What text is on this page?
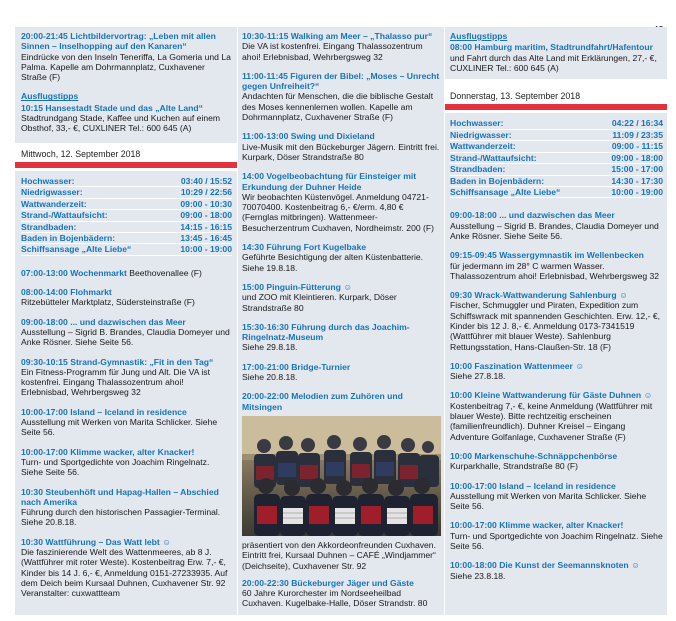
20:00-21:45 Lichtbildervortrag: „Leben mit allen Sinnen – Inselhopping auf den Kanaren“
Eindrücke von den Inseln Teneriffa, La Gomeria und La Palma. Kapelle am Dohrmannplatz, Cuxhavener Straße (F)
Ausflugstipps
10:15 Hansestadt Stade und das „Alte Land“
Stadtrundgang Stade, Kaffee und Kuchen auf einem Obsthof, 33,- €, CUXLINER Tel.: 600 645 (A)
Mittwoch, 12. September 2018
Hochwasser:	03:40 / 15:52
Niedrigwasser:	10:29 / 22:56
Wattwanderzeit:	09:00 - 10:30
Strand-/Wattaufsicht:	09:00 - 18:00
Strandbaden:	14:15 - 16:15
Baden in Bojenbädern:	13:45 - 16:45
Schiffsansage „Alte Liebe“	10:00 - 19:00
07:00-13:00 Wochenmarkt Beethovenallee (F)
08:00-14:00 Flohmarkt
Ritzebütteler Marktplatz, Südersteinstraße (F)
09:00-18:00 ... und dazwischen das Meer
Ausstellung – Sigrid B. Brandes, Claudia Domeyer und Anke Rösner. Siehe Seite 56.
09:30-10:15 Strand-Gymnastik: „Fit in den Tag“
Ein Fitness-Programm für Jung und Alt. Die VA ist kostenfrei. Eingang Thalassozentrum ahoi! Erlebnisbad, Wehrbergsweg 32
10:00-17:00 Island – Iceland in residence
Ausstellung mit Werken von Marita Schlicker. Siehe Seite 56.
10:00-17:00 Klimme wacker, alter Knacker!
Turn- und Sportgedichte von Joachim Ringelnatz. Siehe Seite 56.
10:30 Steubenhöft und Hapag-Hallen – Abschied nach Amerika
Führung durch den historischen Passagier-Terminal. Siehe 20.8.18.
10:30 Wattführung – Das Watt lebt ☺
Die faszinierende Welt des Wattenmeeres, ab 8 J. (Wattführer mit roter Weste). Kostenbeitrag Erw. 7,- €, Kinder bis 14 J. 6,- €, Anmeldung 0151-27233935. Auf dem Deich beim Kursaal Duhnen, Cuxhavener Str. 92 Veranstalter: cuxwattteam
10:30-11:15 Walking am Meer – „Thalasso pur“
Die VA ist kostenfrei. Eingang Thalassozentrum ahoi! Erlebnisbad, Wehrbergsweg 32
11:00-11:45 Figuren der Bibel: „Moses – Unrecht gegen Unfreiheit?“
Andachten für Menschen, die die biblische Gestalt des Moses kennenlernen wollen. Kapelle am Dohrmannplatz, Cuxhavener Straße (F)
11:00-13:00 Swing und Dixieland
Live-Musik mit den Bückeburger Jägern. Eintritt frei. Kurpark, Döser Strandstraße 80
14:00 Vogelbeobachtung für Einsteiger mit Erkundung der Duhner Heide
Wir beobachten Küstenvögel. Anmeldung 04721-70070400. Kostenbeitrag 6,- €/erm. 4,80 € (Fernglas mitbringen). Wattenmeer-Besucherzentrum Cuxhaven, Nordheimstr. 200 (F)
14:30 Führung Fort Kugelbake
Geführte Besichtigung der alten Küstenbatterie. Siehe 19.8.18.
15:00 Pinguin-Fütterung ☺
und ZOO mit Kleintieren. Kurpark, Döser Strandstraße 80
15:30-16:30 Führung durch das Joachim-Ringelnatz-Museum
Siehe 29.8.18.
17:00-21:00 Bridge-Turnier
Siehe 20.8.18.
20:00-22:00 Melodien zum Zuhören und Mitsingen
präsentiert von den Akkordeonfreunden Cuxhaven. Eintritt frei, Kursaal Duhnen – CAFÉ „Windjammer“ (Deichseite), Cuxhavener Str. 92
20:00-22:30 Bückeburger Jäger und Gäste
60 Jahre Kurorchester im Nordseeheilbad Cuxhaven. Kugelbake-Halle, Döser Strandstr. 80
Ausflugstipps
08:00 Hamburg maritim, Stadtrundfahrt/Hafentour
und Fahrt durch das Alte Land mit Erklärungen, 27,- €, CUXLINER Tel.: 600 645 (A)
Donnerstag, 13. September 2018
Hochwasser:	04:22 / 16:34
Niedrigwasser:	11:09 / 23:35
Wattwanderzeit:	09:00 - 11:15
Strand-/Wattaufsicht:	09:00 - 18:00
Strandbaden:	15:00 - 17:00
Baden in Bojenbädern:	14:30 - 17:30
Schiffsansage „Alte Liebe“	10:00 - 19:00
09:00-18:00 ... und dazwischen das Meer
Ausstellung – Sigrid B. Brandes, Claudia Domeyer und Anke Rösner. Siehe Seite 56.
09:15-09:45 Wassergymnastik im Wellenbecken
für jedermann im 28° C warmen Wasser. Thalassozentrum ahoi! Erlebnisbad, Wehrbergsweg 32
09:30 Wrack-Wattwanderung Sahlenburg ☺
Fischer, Schmuggler und Piraten, Expedition zum Schiffswrack mit spannenden Geschichten. Erw. 12,- €, Kinder bis 12 J. 8,- €. Anmeldung 0173-7341519 (Wattführer mit blauer Weste). Sahlenburg Rettungsstation, Hans-Claußen-Str. 18 (F)
10:00 Faszination Wattenmeer ☺
Siehe 27.8.18.
10:00 Kleine Wattwanderung für Gäste Duhnen ☺
Kostenbeitrag 7,- €, keine Anmeldung (Wattführer mit blauer Weste). Bitte rechtzeitig erscheinen (familienfreundlich). Duhner Kreisel – Eingang Adventure Golfanlage, Cuxhavener Straße (F)
10:00 Markenschuhe-Schnäppchenbörse
Kurparkhalle, Strandstraße 80 (F)
10:00-17:00 Island – Iceland in residence
Ausstellung mit Werken von Marita Schlicker. Siehe Seite 56.
10:00-17:00 Klimme wacker, alter Knacker!
Turn- und Sportgedichte von Joachim Ringelnatz. Siehe Seite 56.
10:00-18:00 Die Kunst der Seemannsknoten ☺
Siehe 23.8.18.
